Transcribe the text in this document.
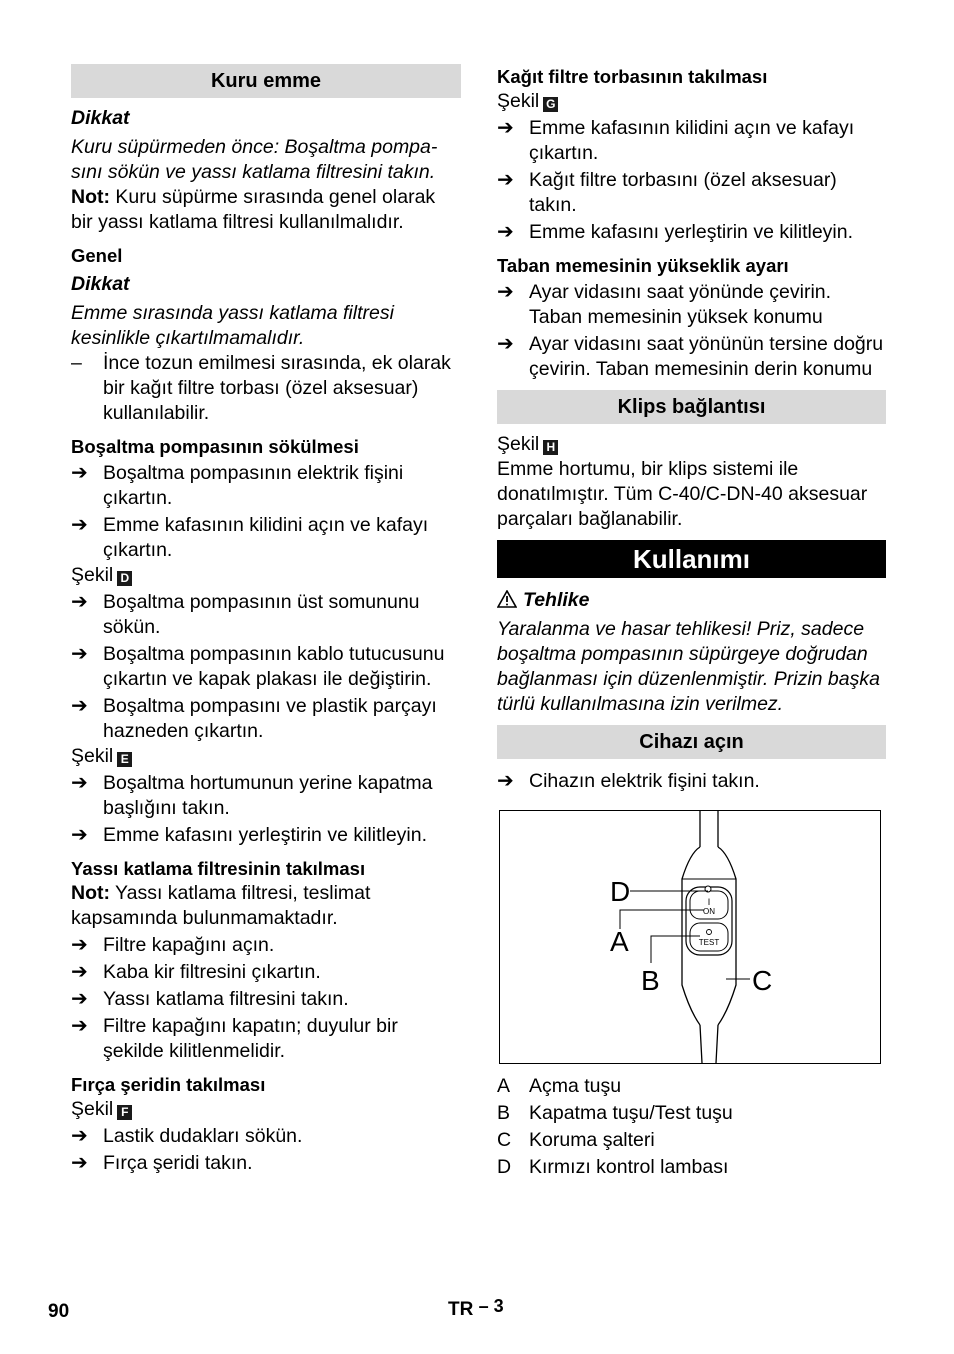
Kuru emme
Dikkat

Kuru süpürmeden önce: Boşaltma pompa-sını sökün ve yassı katlama filtresini takın.

Not: Kuru süpürme sırasında genel olarak bir yassı katlama filtresi kullanılmalıdır.

Genel
Dikkat

Emme sırasında yassı katlama filtresi kesinlikle çıkartılmamalıdır.

– İnce tozun emilmesi sırasında, ek olarak bir kağıt filtre torbası (özel aksesuar) kullanılabilir.
Boşaltma pompasının sökülmesi
➔ Boşaltma pompasının elektrik fişini çıkartın.
➔ Emme kafasının kilidini açın ve kafayı çıkartın.

Şekil D

➔ Boşaltma pompasının üst somununu sökün.
➔ Boşaltma pompasının kablo tutucusunu çıkartın ve kapak plakası ile değiştirin.
➔ Boşaltma pompasını ve plastik parçayı hazneden çıkartın.

Şekil E

➔ Boşaltma hortumunun yerine kapatma başlığını takın.
➔ Emme kafasını yerleştirin ve kilitleyin.
Yassı katlama filtresinin takılması

Not: Yassı katlama filtresi, teslimat kapsamında bulunmamaktadır.

➔ Filtre kapağını açın.
➔ Kaba kir filtresini çıkartın.
➔ Yassı katlama filtresini takın.
➔ Filtre kapağını kapatın; duyulur bir şekilde kilitlenmelidir.
Fırça şeridin takılması

Şekil F

➔ Lastik dudakları sökün.
➔ Fırça şeridi takın.
Kağıt filtre torbasının takılması

Şekil G

➔ Emme kafasının kilidini açın ve kafayı çıkartın.
➔ Kağıt filtre torbasını (özel aksesuar) takın.
➔ Emme kafasını yerleştirin ve kilitleyin.
Taban memesinin yükseklik ayarı
➔ Ayar vidasını saat yönünde çevirin. Taban memesinin yüksek konumu
➔ Ayar vidasını saat yönünün tersine doğru çevirin. Taban memesinin derin konumu
Klips bağlantısı

Şekil H

Emme hortumu, bir klips sistemi ile donatılmıştır. Tüm C-40/C-DN-40 aksesuar parçaları bağlanabilir.

Kullanımı
Tehlike

Yaralanma ve hasar tehlikesi! Priz, sadece boşaltma pompasının süpürgeye doğrudan bağlanması için düzenlenmiştir. Prizin başka türlü kullanılmasına izin verilmez.

Cihazı açın
➔ Cihazın elektrik fişini takın.
I
ON
TEST
D
A
B	C
A Açma tuşu
B Kapatma tuşu/Test tuşu
C Koruma şalteri
D Kırmızı kontrol lambası
90	TR – 3
